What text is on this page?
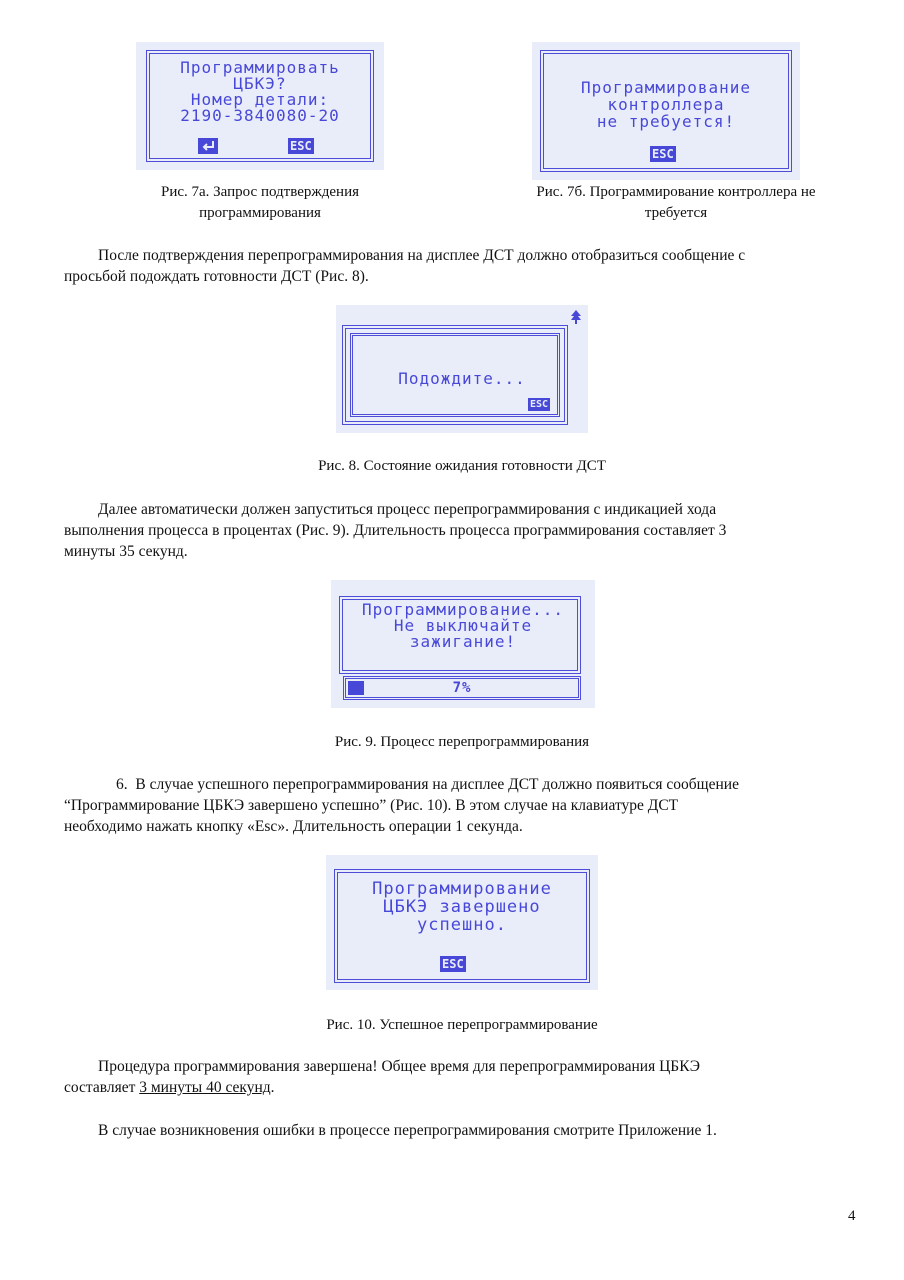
Программировать
ЦБКЭ?
Номер детали:
2190-3840080-20
ESC
Рис. 7а. Запрос подтверждения
программирования
Программирование
контроллера
не требуется!
ESC
Рис. 7б. Программирование контроллера не
требуется
После подтверждения перепрограммирования на дисплее ДСТ должно отобразиться сообщение с
просьбой подождать готовности ДСТ (Рис. 8).
Подождите...
ESC
Рис. 8. Состояние ожидания готовности ДСТ
Далее автоматически должен запуститься процесс перепрограммирования с индикацией хода
выполнения процесса в процентах (Рис. 9). Длительность процесса программирования составляет 3
минуты 35 секунд.
Программирование...
Не выключайте
зажигание!
7%
Рис. 9. Процесс перепрограммирования
6.  В случае успешного перепрограммирования на дисплее ДСТ должно появиться сообщение
“Программирование ЦБКЭ завершено успешно” (Рис. 10). В этом случае на клавиатуре ДСТ
необходимо нажать кнопку «Esc». Длительность операции 1 секунда.
Программирование
ЦБКЭ завершено
успешно.
ESC
Рис. 10. Успешное перепрограммирование
Процедура программирования завершена! Общее время для перепрограммирования ЦБКЭ
составляет 3 минуты 40 секунд.
В случае возникновения ошибки в процессе перепрограммирования смотрите Приложение 1.
4
